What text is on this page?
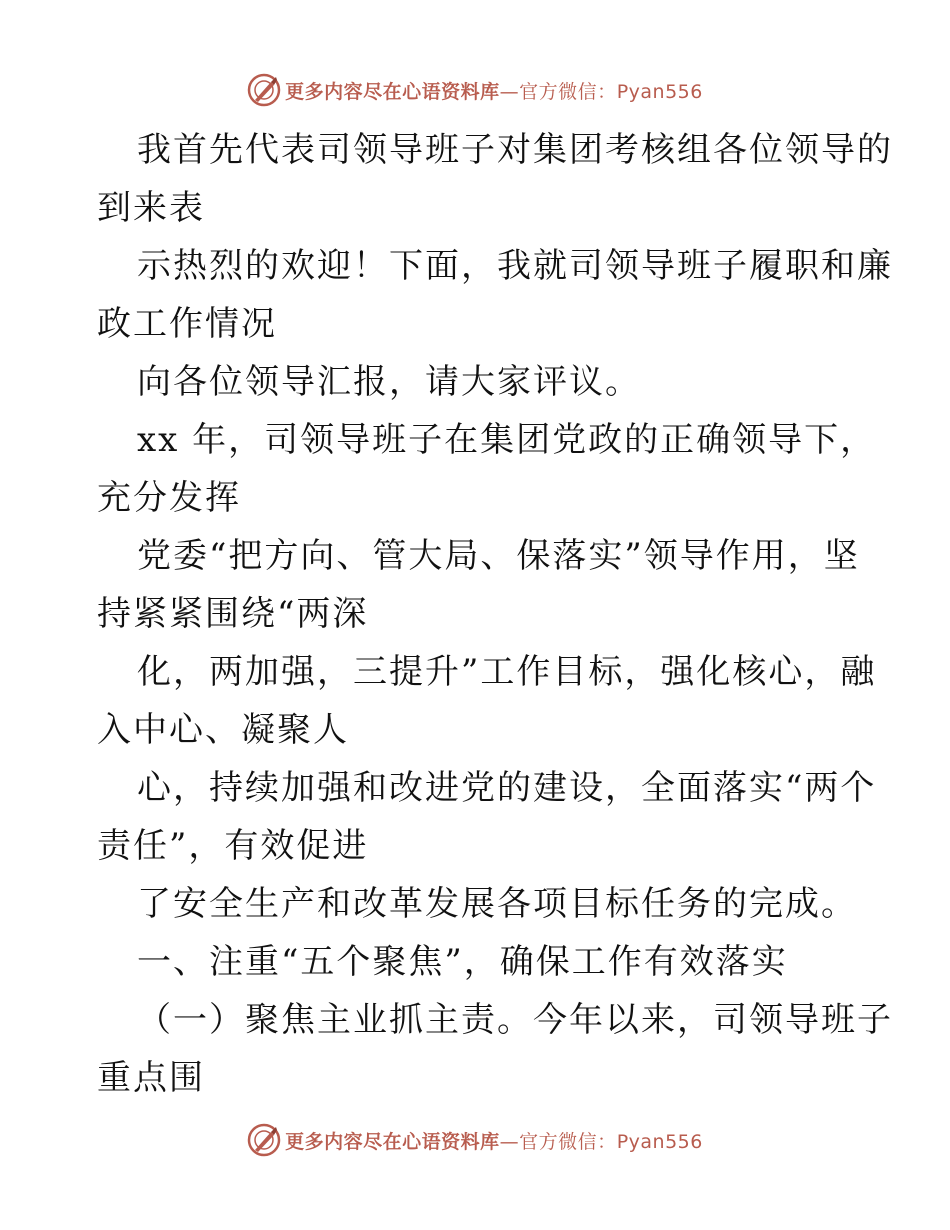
更多内容尽在心语资料库—官方微信：Pyan556
我首先代表司领导班子对集团考核组各位领导的
到来表
示热烈的欢迎！下面，我就司领导班子履职和廉
政工作情况
向各位领导汇报，请大家评议。
xx 年，司领导班子在集团党政的正确领导下，
充分发挥
党委“把方向、管大局、保落实”领导作用，坚
持紧紧围绕“两深
化，两加强，三提升”工作目标，强化核心，融
入中心、凝聚人
心，持续加强和改进党的建设，全面落实“两个
责任”，有效促进
了安全生产和改革发展各项目标任务的完成。
一、注重“五个聚焦”，确保工作有效落实
（一）聚焦主业抓主责。今年以来，司领导班子
重点围
更多内容尽在心语资料库—官方微信：Pyan556
